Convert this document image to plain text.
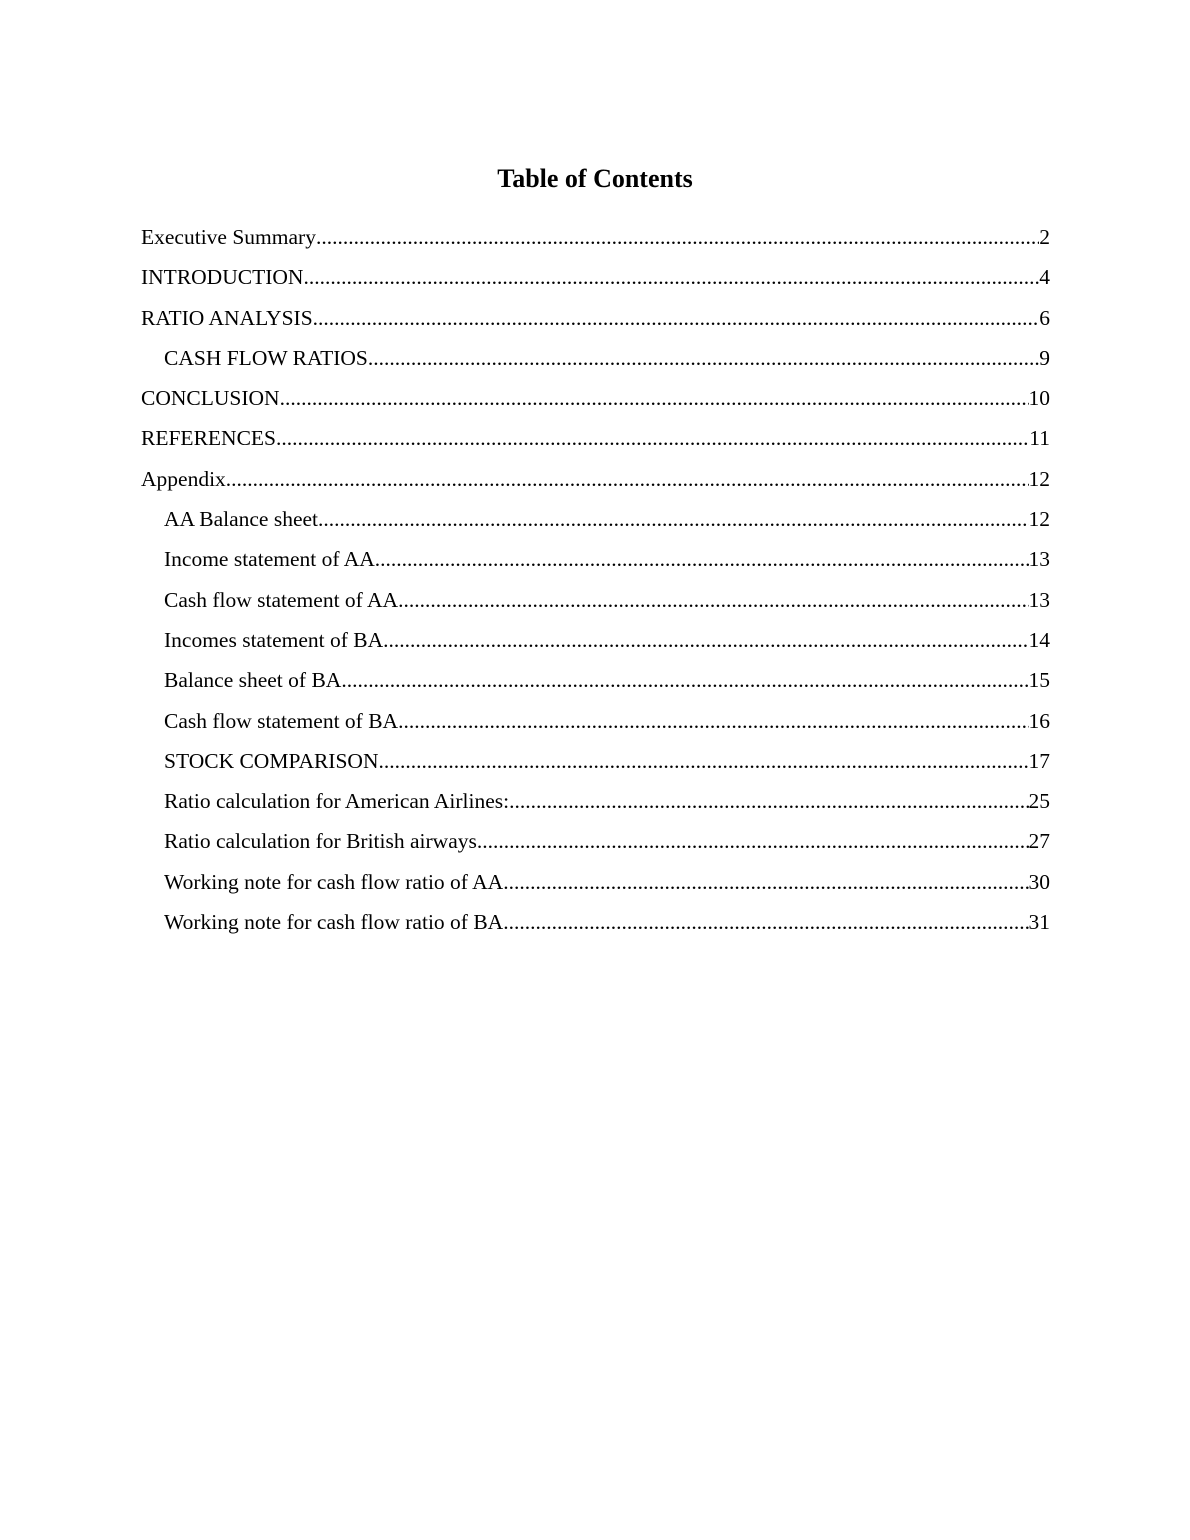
Table of Contents
Executive Summary .....	2
INTRODUCTION .....	4
RATIO ANALYSIS .....	6
CASH FLOW RATIOS .....	9
CONCLUSION .....	10
REFERENCES .....	11
Appendix .....	12
AA Balance sheet .....	12
Income statement of AA .....	13
Cash flow statement of AA .....	13
Incomes statement of BA .....	14
Balance sheet of BA .....	15
Cash flow statement of BA .....	16
STOCK COMPARISON .....	17
Ratio calculation for American Airlines: .....	25
Ratio calculation for British airways .....	27
Working note for cash flow ratio of AA .....	30
Working note for cash flow ratio of BA .....	31
